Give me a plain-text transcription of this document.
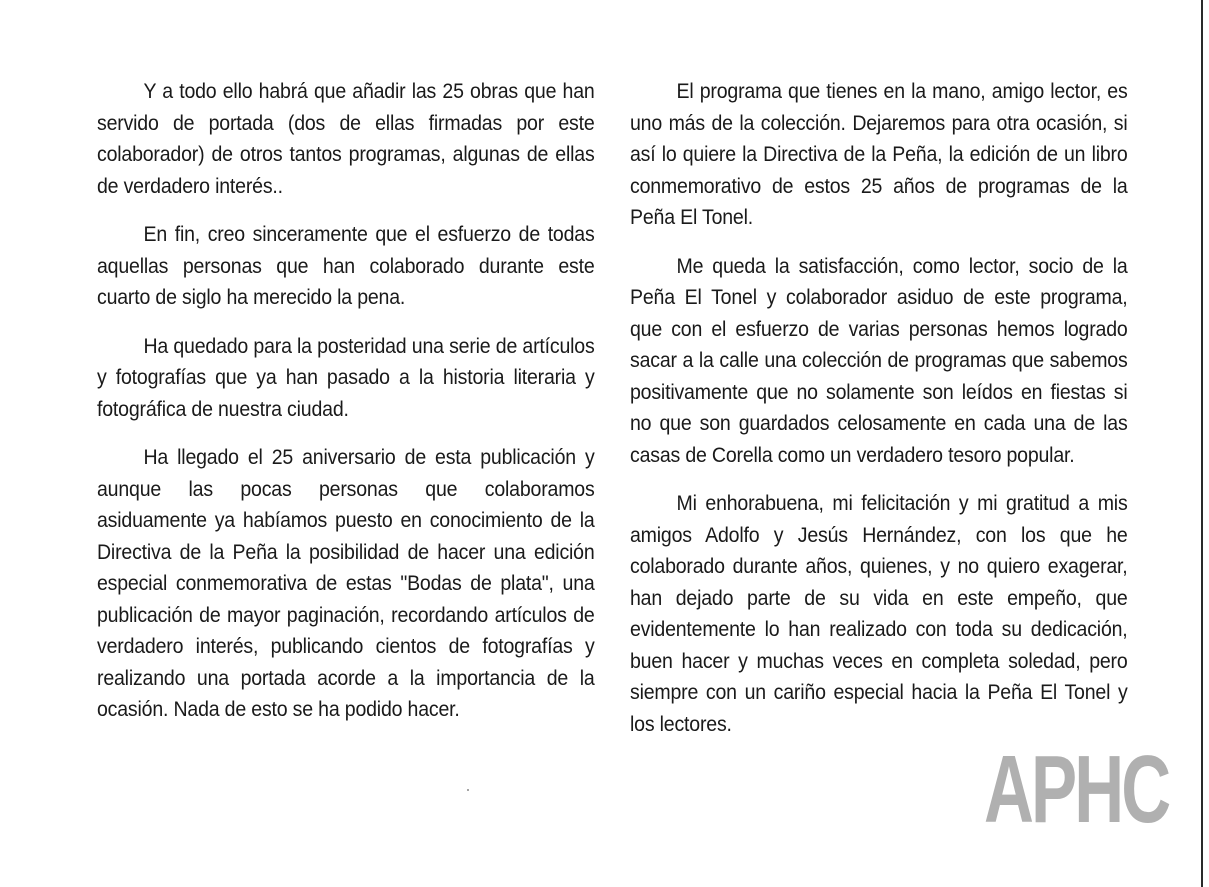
Y a todo ello habrá que añadir las 25 obras que han servido de portada (dos de ellas firmadas por este colaborador) de otros tantos programas, algunas de ellas de verdadero interés..

En fin, creo sinceramente que el esfuerzo de todas aquellas personas que han colaborado durante este cuarto de siglo ha merecido la pena.

Ha quedado para la posteridad una serie de artículos y fotografías que ya han pasado a la historia literaria y fotográfica de nuestra ciudad.

Ha llegado el 25 aniversario de esta publicación y aunque las pocas personas que colaboramos asiduamente ya habíamos puesto en conocimiento de la Directiva de la Peña la posibilidad de hacer una edición especial conmemorativa de estas "Bodas de plata", una publicación de mayor paginación, recordando artículos de verdadero interés, publicando cientos de fotografías y realizando una portada acorde a la importancia de la ocasión. Nada de esto se ha podido hacer.

El programa que tienes en la mano, amigo lector, es uno más de la colección. Dejaremos para otra ocasión, si así lo quiere la Directiva de la Peña, la edición de un libro conmemorativo de estos 25 años de programas de la Peña El Tonel.

Me queda la satisfacción, como lector, socio de la Peña El Tonel y colaborador asiduo de este programa, que con el esfuerzo de varias personas hemos logrado sacar a la calle una colección de programas que sabemos positivamente que no solamente son leídos en fiestas si no que son guardados celosamente en cada una de las casas de Corella como un verdadero tesoro popular.

Mi enhorabuena, mi felicitación y mi gratitud a mis amigos Adolfo y Jesús Hernández, con los que he colaborado durante años, quienes, y no quiero exagerar, han dejado parte de su vida en este empeño, que evidentemente lo han realizado con toda su dedicación, buen hacer y muchas veces en completa soledad, pero siempre con un cariño especial hacia la Peña El Tonel y los lectores.

APHC
